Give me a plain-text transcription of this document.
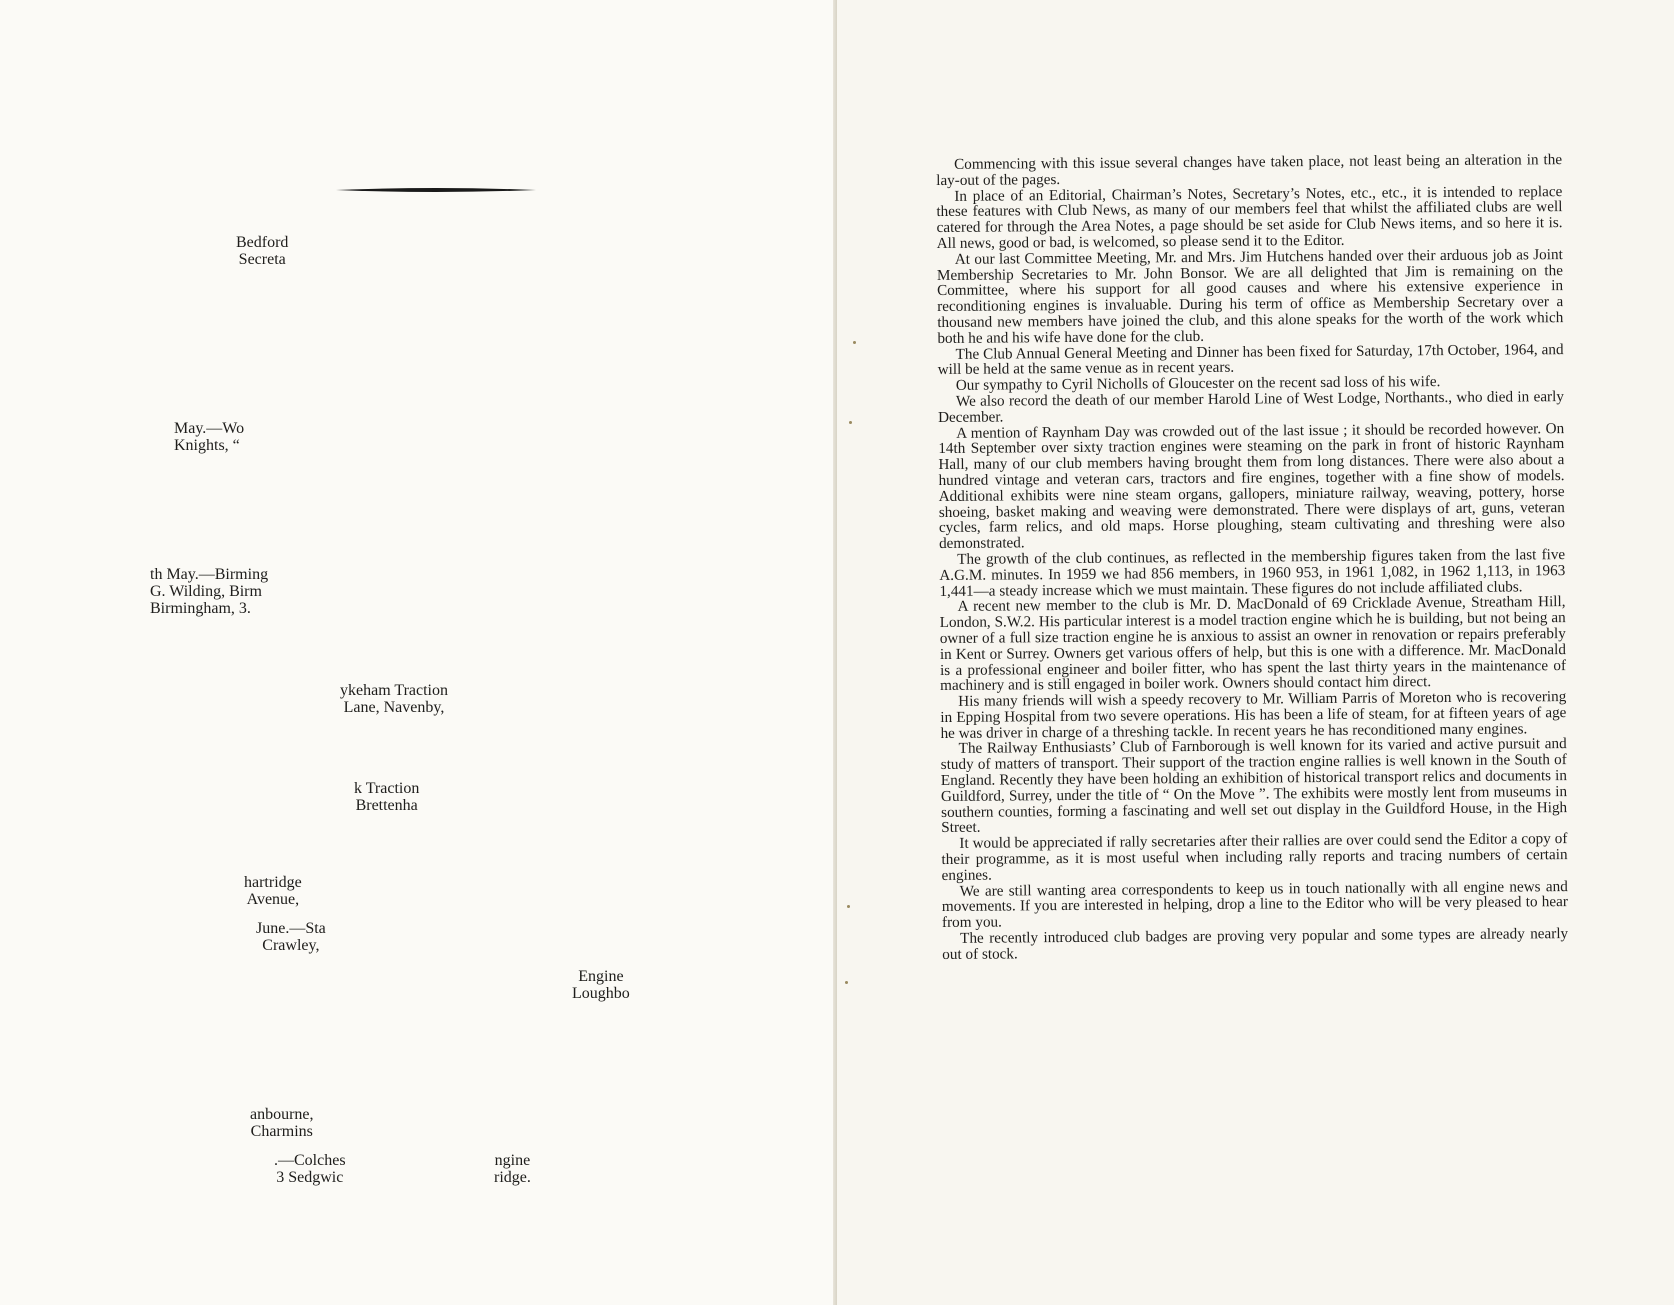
Bedford
Secreta
May.—Wo
Knights, “
th May.—Birming
G. Wilding, Birm
Birmingham, 3.
ykeham Traction
Lane, Navenby,
k Traction
Brettenha
hartridge
Avenue,
June.—Sta
Crawley,
Engine
Loughbo
anbourne,
Charmins
.—Colches
3 Sedgwic
ngine
ridge.

Commencing with this issue several changes have taken place, not least being an alteration in the lay-out of the pages.

In place of an Editorial, Chairman’s Notes, Secretary’s Notes, etc., etc., it is intended to replace these features with Club News, as many of our members feel that whilst the affiliated clubs are well catered for through the Area Notes, a page should be set aside for Club News items, and so here it is. All news, good or bad, is welcomed, so please send it to the Editor.

At our last Committee Meeting, Mr. and Mrs. Jim Hutchens handed over their arduous job as Joint Membership Secretaries to Mr. John Bonsor. We are all delighted that Jim is remaining on the Committee, where his support for all good causes and where his extensive experience in reconditioning engines is invaluable. During his term of office as Membership Secretary over a thousand new members have joined the club, and this alone speaks for the worth of the work which both he and his wife have done for the club.

The Club Annual General Meeting and Dinner has been fixed for Saturday, 17th October, 1964, and will be held at the same venue as in recent years.

Our sympathy to Cyril Nicholls of Gloucester on the recent sad loss of his wife.

We also record the death of our member Harold Line of West Lodge, Northants., who died in early December.

A mention of Raynham Day was crowded out of the last issue ; it should be recorded however. On 14th September over sixty traction engines were steaming on the park in front of historic Raynham Hall, many of our club members having brought them from long distances. There were also about a hundred vintage and veteran cars, tractors and fire engines, together with a fine show of models. Additional exhibits were nine steam organs, gallopers, miniature railway, weaving, pottery, horse shoeing, basket making and weaving were demonstrated. There were displays of art, guns, veteran cycles, farm relics, and old maps. Horse ploughing, steam cultivating and threshing were also demonstrated.

The growth of the club continues, as reflected in the membership figures taken from the last five A.G.M. minutes. In 1959 we had 856 members, in 1960 953, in 1961 1,082, in 1962 1,113, in 1963 1,441—a steady increase which we must maintain. These figures do not include affiliated clubs.

A recent new member to the club is Mr. D. MacDonald of 69 Cricklade Avenue, Streatham Hill, London, S.W.2. His particular interest is a model traction engine which he is building, but not being an owner of a full size traction engine he is anxious to assist an owner in renovation or repairs preferably in Kent or Surrey. Owners get various offers of help, but this is one with a difference. Mr. MacDonald is a professional engineer and boiler fitter, who has spent the last thirty years in the maintenance of machinery and is still engaged in boiler work. Owners should contact him direct.

His many friends will wish a speedy recovery to Mr. William Parris of Moreton who is recovering in Epping Hospital from two severe operations. His has been a life of steam, for at fifteen years of age he was driver in charge of a threshing tackle. In recent years he has reconditioned many engines.

The Railway Enthusiasts’ Club of Farnborough is well known for its varied and active pursuit and study of matters of transport. Their support of the traction engine rallies is well known in the South of England. Recently they have been holding an exhibition of historical transport relics and documents in Guildford, Surrey, under the title of “ On the Move ”. The exhibits were mostly lent from museums in southern counties, forming a fascinating and well set out display in the Guildford House, in the High Street.

It would be appreciated if rally secretaries after their rallies are over could send the Editor a copy of their programme, as it is most useful when including rally reports and tracing numbers of certain engines.

We are still wanting area correspondents to keep us in touch nationally with all engine news and movements. If you are interested in helping, drop a line to the Editor who will be very pleased to hear from you.

The recently introduced club badges are proving very popular and some types are already nearly out of stock.
